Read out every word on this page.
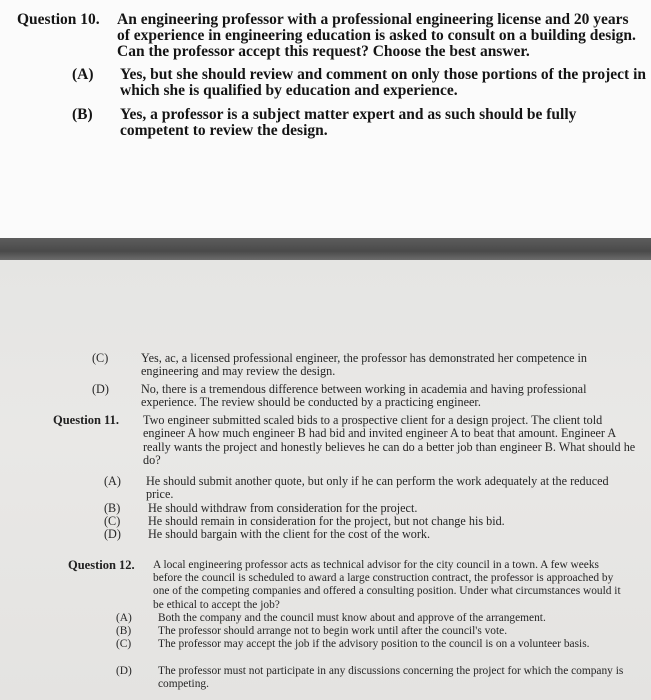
Question 10. An engineering professor with a professional engineering license and 20 years of experience in engineering education is asked to consult on a building design. Can the professor accept this request? Choose the best answer.
(A) Yes, but she should review and comment on only those portions of the project in which she is qualified by education and experience.
(B) Yes, a professor is a subject matter expert and as such should be fully competent to review the design.
(C)	Yes, ac, a licensed professional engineer, the professor has demonstrated her competence in engineering and may review the design.
(D)	No, there is a tremendous difference between working in academia and having professional experience. The review should be conducted by a practicing engineer.
Question 11. Two engineer submitted scaled bids to a prospective client for a design project. The client told engineer A how much engineer B had bid and invited engineer A to beat that amount. Engineer A really wants the project and honestly believes he can do a better job than engineer B. What should he do?
(A) He should submit another quote, but only if he can perform the work adequately at the reduced price.
(B) He should withdraw from consideration for the project.
(C) He should remain in consideration for the project, but not change his bid.
(D) He should bargain with the client for the cost of the work.
Question 12. A local engineering professor acts as technical advisor for the city council in a town. A few weeks before the council is scheduled to award a large construction contract, the professor is approached by one of the competing companies and offered a consulting position. Under what circumstances would it be ethical to accept the job?
(A) Both the company and the council must know about and approve of the arrangement.
(B) The professor should arrange not to begin work until after the council's vote.
(C) The professor may accept the job if the advisory position to the council is on a volunteer basis.
(D) The professor must not participate in any discussions concerning the project for which the company is competing.
